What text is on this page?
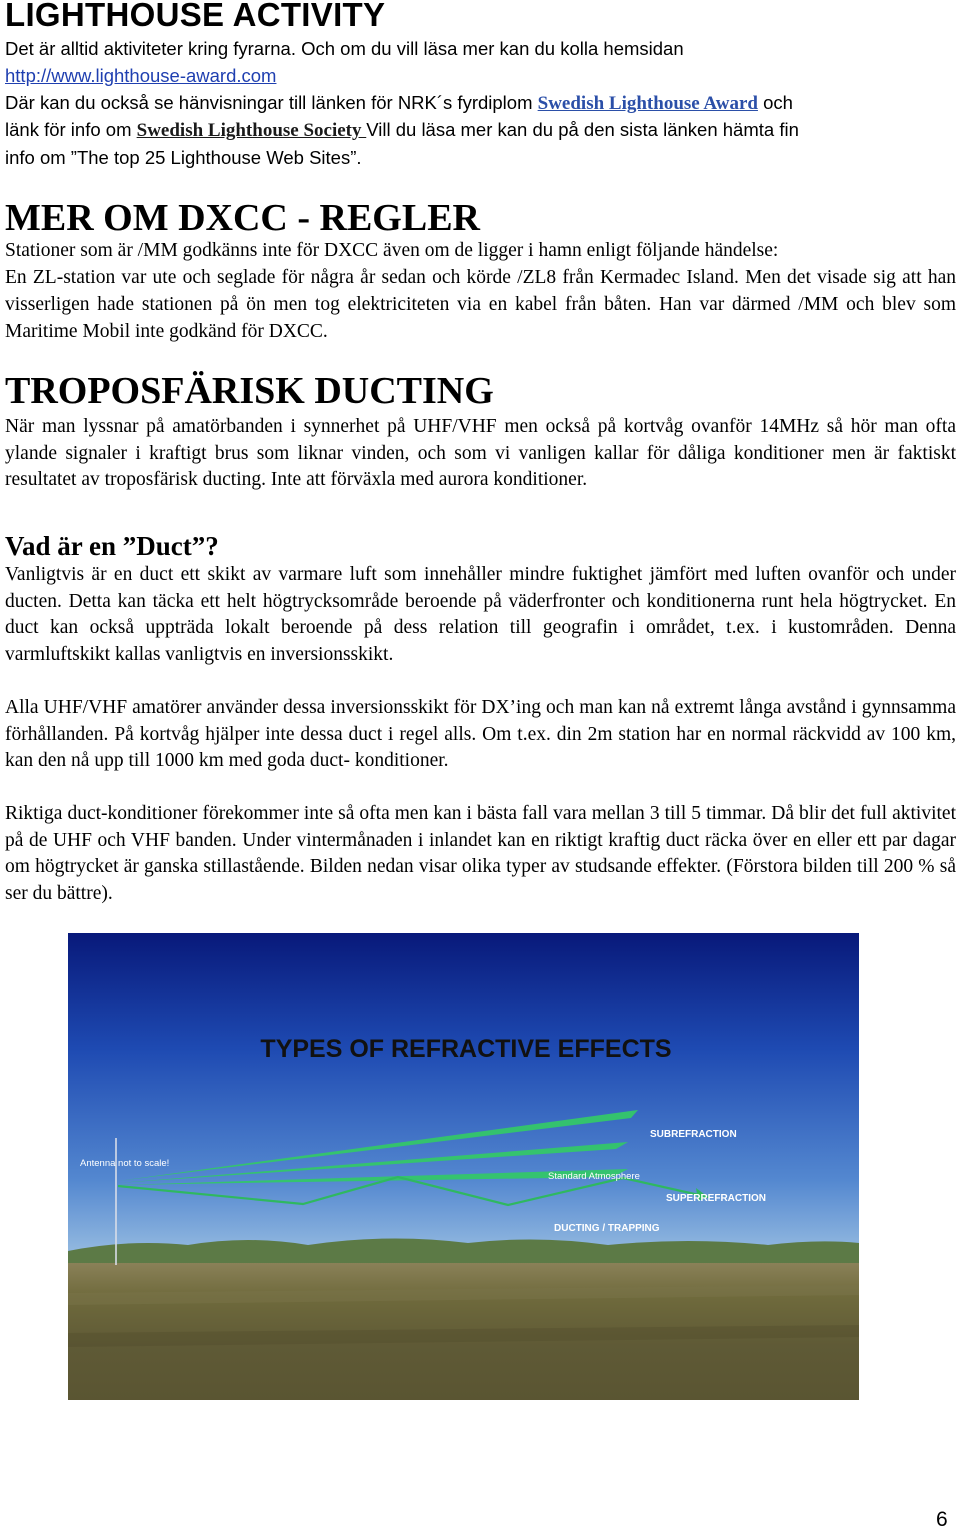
LIGHTHOUSE ACTIVITY

Det är alltid aktiviteter kring fyrarna. Och om du vill läsa mer kan du kolla hemsidan

http://www.lighthouse-award.com

Där kan du också se hänvisningar till länken för NRK´s fyrdiplom Swedish Lighthouse Award och

länk för info om Swedish Lighthouse Society Vill du läsa mer kan du på den sista länken hämta fin

info om ”The top 25 Lighthouse Web Sites”.

MER OM DXCC - REGLER

Stationer som är /MM godkänns inte för DXCC även om de ligger i hamn enligt följande händelse:

En ZL-station var ute och seglade för några år sedan och körde /ZL8 från Kermadec Island. Men det visade sig att han visserligen hade stationen på ön men tog elektriciteten via en kabel från båten. Han var därmed /MM och blev som Maritime Mobil inte godkänd för DXCC.

TROPOSFÄRISK DUCTING

När man lyssnar på amatörbanden i synnerhet på UHF/VHF men också på kortvåg ovanför 14MHz så hör man ofta ylande signaler i kraftigt brus som liknar vinden, och som vi vanligen kallar för dåliga konditioner men är faktiskt resultatet av troposfärisk ducting. Inte att förväxla med aurora konditioner.

Vad är en ”Duct”?

Vanligtvis är en duct ett skikt av varmare luft som innehåller mindre fuktighet jämfört med luften ovanför och under ducten. Detta kan täcka ett helt högtrycksområde beroende på väderfronter och konditionerna runt hela högtrycket. En duct kan också uppträda lokalt beroende på dess relation till geografin i området, t.ex. i kustområden. Denna varmluftskikt kallas vanligtvis en inversionsskikt.

Alla UHF/VHF amatörer använder dessa inversionsskikt för DX’ing och man kan nå extremt långa avstånd i gynnsamma förhållanden. På kortvåg hjälper inte dessa duct i regel alls. Om t.ex. din 2m station har en normal räckvidd av 100 km, kan den nå upp till 1000 km med goda duct- konditioner.

Riktiga duct-konditioner förekommer inte så ofta men kan i bästa fall vara mellan 3 till 5 timmar. Då blir det full aktivitet på de UHF och VHF banden. Under vintermånaden i inlandet kan en riktigt kraftig duct räcka över en eller ett par dagar om högtrycket är ganska stillastående. Bilden nedan visar olika typer av studsande effekter. (Förstora bilden till 200 % så ser du bättre).

TYPES OF REFRACTIVE EFFECTS
Antenna not to scale!
SUBREFRACTION
Standard Atmosphere
SUPERREFRACTION
DUCTING / TRAPPING
6
